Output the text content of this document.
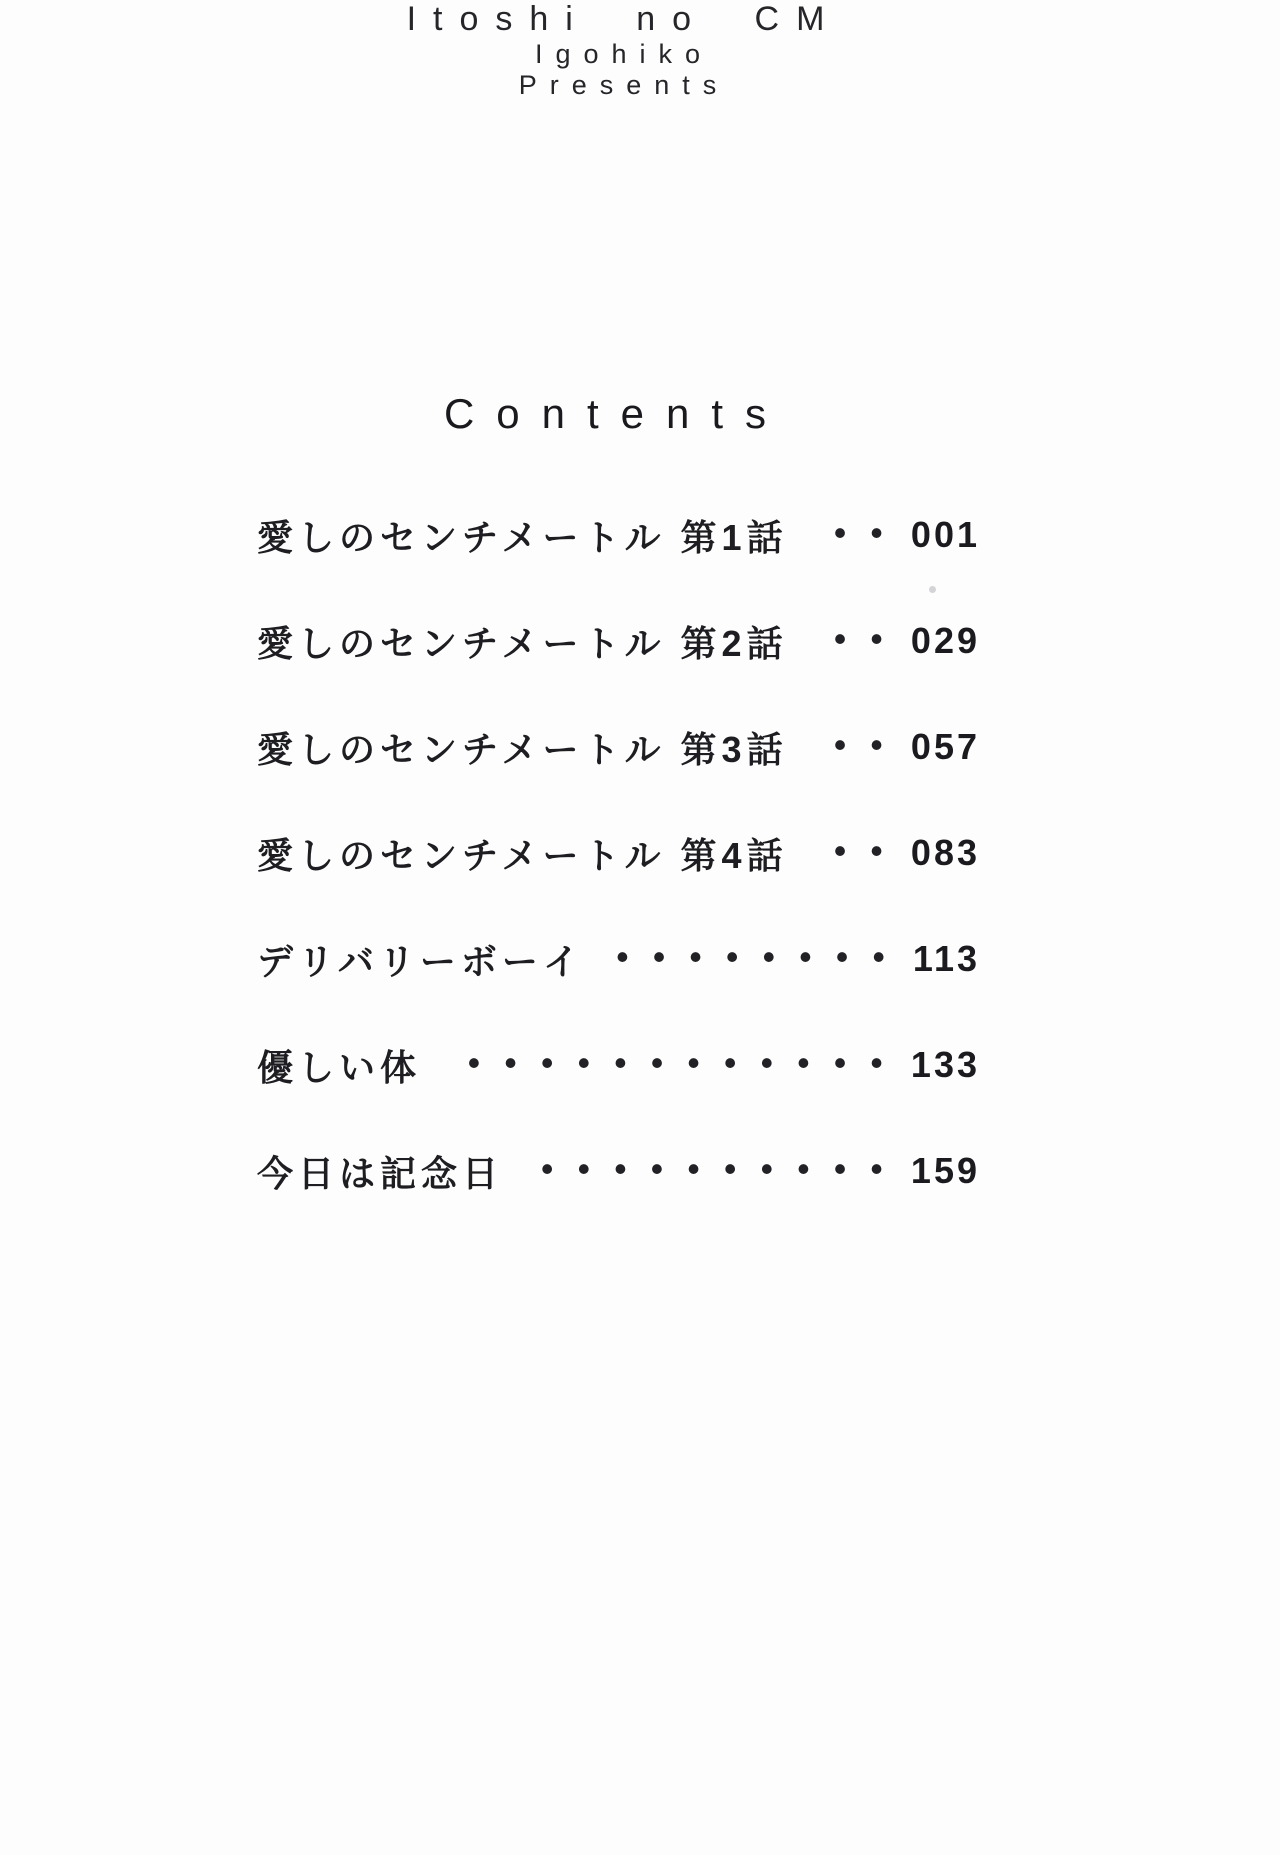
Contents
愛しのセンチメートル 第1話 •• 001
愛しのセンチメートル 第2話 •• 029
愛しのセンチメートル 第3話 •• 057
愛しのセンチメートル 第4話 •• 083
デリバリーボーイ •••••••• 113
優しい体 •••••••••••• 133
今日は記念日 •••••••••• 159
Itoshi no CM
Igohiko
Presents
